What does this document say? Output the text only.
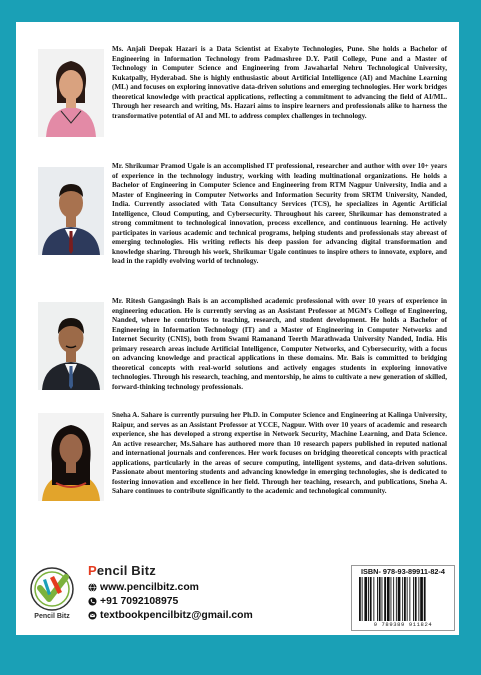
Ms. Anjali Deepak Hazari is a Data Scientist at Exabyte Technologies, Pune. She holds a Bachelor of Engineering in Information Technology from Padmashree D.Y. Patil College, Pune and a Master of Technology in Computer Science and Engineering from Jawaharlal Nehru Technological University, Kukatpally, Hyderabad. She is highly enthusiastic about Artificial Intelligence (AI) and Machine Learning (ML) and focuses on exploring innovative data-driven solutions and emerging technologies. Her work bridges theoretical knowledge with practical applications, reflecting a commitment to advancing the field of AI/ML. Through her research and writing, Ms. Hazari aims to inspire learners and professionals alike to harness the transformative potential of AI and ML to address complex challenges in technology.
Mr. Shrikumar Pramod Ugale is an accomplished IT professional, researcher and author with over 10+ years of experience in the technology industry, working with leading multinational organizations. He holds a Bachelor of Engineering in Computer Science and Engineering from RTM Nagpur University, India and a Master of Engineering in Computer Networks and Information Security from SRTM University, Nanded, India. Currently associated with Tata Consultancy Services (TCS), he specializes in Agentic Artificial Intelligence, Cloud Computing, and Cybersecurity. Throughout his career, Shrikumar has demonstrated a strong commitment to technological innovation, process excellence, and continuous learning. He actively participates in various academic and technical programs, helping students and professionals stay abreast of emerging technologies. His writing reflects his deep passion for advancing digital transformation and knowledge sharing. Through his work, Shrikumar Ugale continues to inspire others to innovate, explore, and lead in the rapidly evolving world of technology.
Mr. Ritesh Gangasingh Bais is an accomplished academic professional with over 10 years of experience in engineering education. He is currently serving as an Assistant Professor at MGM's College of Engineering, Nanded, where he contributes to teaching, research, and student development. He holds a Bachelor of Engineering in Information Technology (IT) and a Master of Engineering in Computer Networks and Internet Security (CNIS), both from Swami Ramanand Teerth Marathwada University Nanded, India. His primary research areas include Artificial Intelligence, Computer Networks, and Cybersecurity, with a focus on advancing knowledge and practical applications in these domains. Mr. Bais is committed to bridging theoretical concepts with real-world solutions and actively engages students in exploring innovative technologies. Through his research, teaching, and mentorship, he aims to cultivate a new generation of skilled, forward-thinking technology professionals.
Sneha A. Sahare is currently pursuing her Ph.D. in Computer Science and Engineering at Kalinga University, Raipur, and serves as an Assistant Professor at YCCE, Nagpur. With over 10 years of academic and research experience, she has developed a strong expertise in Network Security, Machine Learning, and Data Science. An active researcher, Ms.Sahare has authored more than 10 research papers published in reputed national and international journals and conferences. Her work focuses on bridging theoretical concepts with practical applications, particularly in the areas of secure computing, intelligent systems, and data-driven solutions. Passionate about mentoring students and advancing knowledge in emerging technologies, she is dedicated to fostering innovation and excellence in her field. Through her teaching, research, and publications, Sneha A. Sahare continues to contribute significantly to the academic and technological community.
Pencil Bitz
Pencil Bitz
www.pencilbitz.com
+91 7092108975
textbookpencilbitz@gmail.com
ISBN- 978-93-89911-82-4
9 789389 911824
